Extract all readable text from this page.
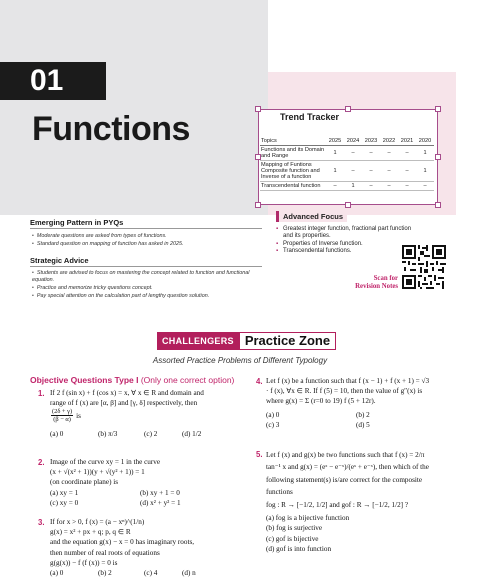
01
Functions	Trend Tracker
Topics	2025	2024	2023	2022	2021	2020
Functions and its Domain and Range	1	–	–	–	–	1
Mapping of Funtions Composite function and Inverse of a function	1	–	–	–	–	1
Transcendental function	–	1	–	–	–	–
Emerging Pattern in PYQs
▪ Moderate questions are asked from types of functions.
▪ Standard question on mapping of function has asked in 2025.
Strategic Advice
▪ Students are advised to focus on mastering the concept related to function and functional equation.
▪ Practice and memorize tricky questions concept.
▪ Pay special attention on the calculation part of lengthy question solution.
Advanced Focus
▪ Greatest integer function, fractional part function and its properties.
▪ Properties of Inverse function.
▪ Transcendental functions.
Scan for
Revision Notes
CHALLENGERS Practice Zone
Assorted Practice Problems of Different Typology
Objective Questions Type I (Only one correct option)
1. If 2 f (sin x) + f (cos x) = x, ∀ x ∈ R and domain and
range of f (x) are [α, β] and [γ, δ] respectively, then
$\frac{(2\delta + \gamma)}{(\beta - \alpha)}$ is
(a) 0	(b) π/3	(c) 2	(d) 1/2
2. Image of the curve xy = 1 in the curve
(x + √(x² + 1))(y + √(y² + 1)) = 1
(on coordinate plane) is
(a) xy = 1	(b) xy + 1 = 0
(c) xy = 0	(d) x² + y² = 1
3. If for x > 0, f (x) = (a − xⁿ)^(1/n)
g(x) = x² + px + q; p, q ∈ R
and the equation g(x) − x = 0 has imaginary roots,
then number of real roots of equations
g(g(x)) − f (f (x)) = 0 is
(a) 0	(b) 2	(c) 4	(d) n
4. Let f (x) be a function such that f (x − 1) + f (x + 1) = √3
· f (x), ∀x ∈ R. If f (5) = 10, then the value of g″(x) is
where g(x) = Σ (r=0 to 19) f (5 + 12r).
(a) 0	(b) 2
(c) 3	(d) 5
5. Let f (x) and g(x) be two functions such that f (x) = 2/π
tan⁻¹ x and g(x) = (eˣ − e⁻ˣ)/(eˣ + e⁻ˣ), then which of the
following statement(s) is/are correct for the composite
functions
fog : R → [−1/2, 1/2] and gof : R → [−1/2, 1/2] ?
(a) fog is a bijective function
(b) fog is surjective
(c) gof is bijective
(d) gof is into function
